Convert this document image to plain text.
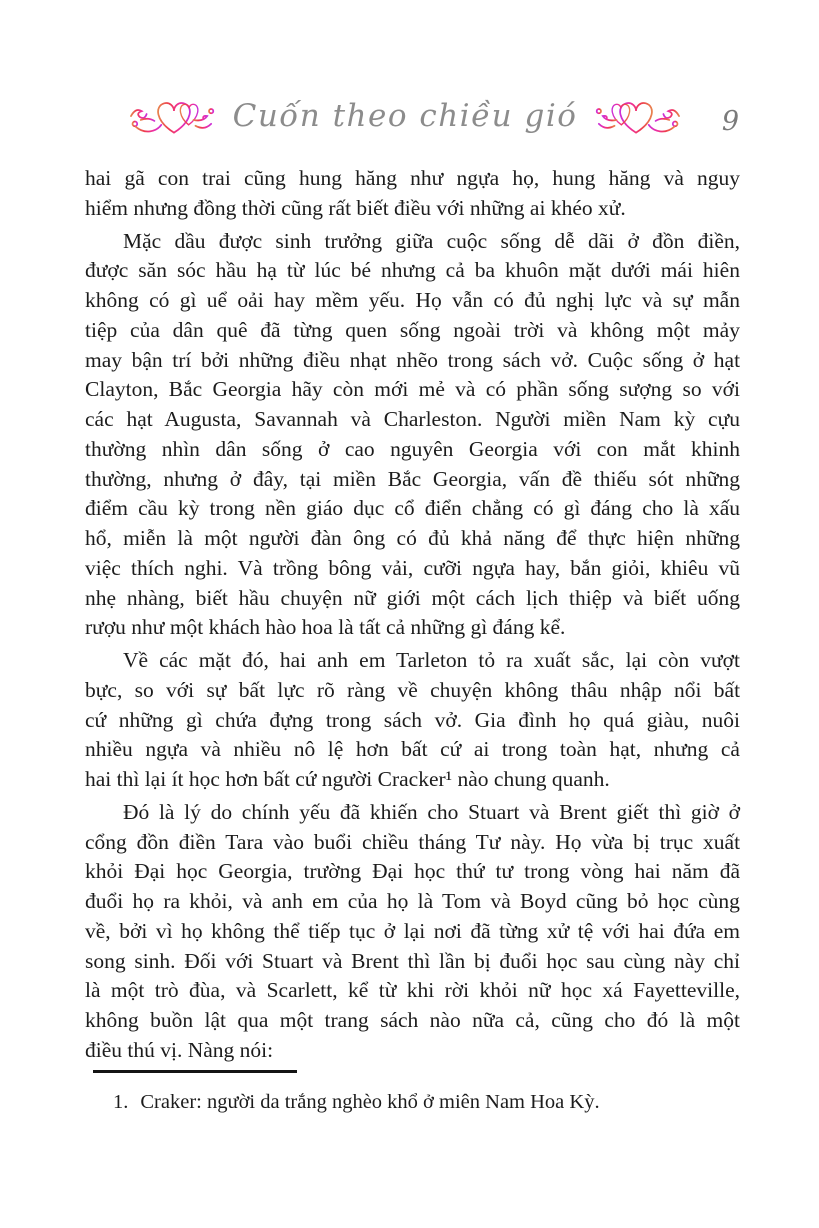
Cuốn theo chiều gió	9
hai gã con trai cũng hung hăng như ngựa họ, hung hăng và nguy
hiểm nhưng đồng thời cũng rất biết điều với những ai khéo xử.
Mặc dầu được sinh trưởng giữa cuộc sống dễ dãi ở đồn điền,
được săn sóc hầu hạ từ lúc bé nhưng cả ba khuôn mặt dưới mái hiên
không có gì uể oải hay mềm yếu. Họ vẫn có đủ nghị lực và sự mẫn
tiệp của dân quê đã từng quen sống ngoài trời và không một mảy
may bận trí bởi những điều nhạt nhẽo trong sách vở. Cuộc sống ở hạt
Clayton, Bắc Georgia hãy còn mới mẻ và có phần sống sượng so với
các hạt Augusta, Savannah và Charleston. Người miền Nam kỳ cựu
thường nhìn dân sống ở cao nguyên Georgia với con mắt khinh
thường, nhưng ở đây, tại miền Bắc Georgia, vấn đề thiếu sót những
điểm cầu kỳ trong nền giáo dục cổ điển chẳng có gì đáng cho là xấu
hổ, miễn là một người đàn ông có đủ khả năng để thực hiện những
việc thích nghi. Và trồng bông vải, cưỡi ngựa hay, bắn giỏi, khiêu vũ
nhẹ nhàng, biết hầu chuyện nữ giới một cách lịch thiệp và biết uống
rượu như một khách hào hoa là tất cả những gì đáng kể.
Về các mặt đó, hai anh em Tarleton tỏ ra xuất sắc, lại còn vượt
bực, so với sự bất lực rõ ràng về chuyện không thâu nhập nổi bất
cứ những gì chứa đựng trong sách vở. Gia đình họ quá giàu, nuôi
nhiều ngựa và nhiều nô lệ hơn bất cứ ai trong toàn hạt, nhưng cả
hai thì lại ít học hơn bất cứ người Cracker¹ nào chung quanh.
Đó là lý do chính yếu đã khiến cho Stuart và Brent giết thì giờ ở
cổng đồn điền Tara vào buổi chiều tháng Tư này. Họ vừa bị trục xuất
khỏi Đại học Georgia, trường Đại học thứ tư trong vòng hai năm đã
đuổi họ ra khỏi, và anh em của họ là Tom và Boyd cũng bỏ học cùng
về, bởi vì họ không thể tiếp tục ở lại nơi đã từng xử tệ với hai đứa em
song sinh. Đối với Stuart và Brent thì lần bị đuổi học sau cùng này chỉ
là một trò đùa, và Scarlett, kể từ khi rời khỏi nữ học xá Fayetteville,
không buồn lật qua một trang sách nào nữa cả, cũng cho đó là một
điều thú vị. Nàng nói:
1. Craker: người da trắng nghèo khổ ở miên Nam Hoa Kỳ.
